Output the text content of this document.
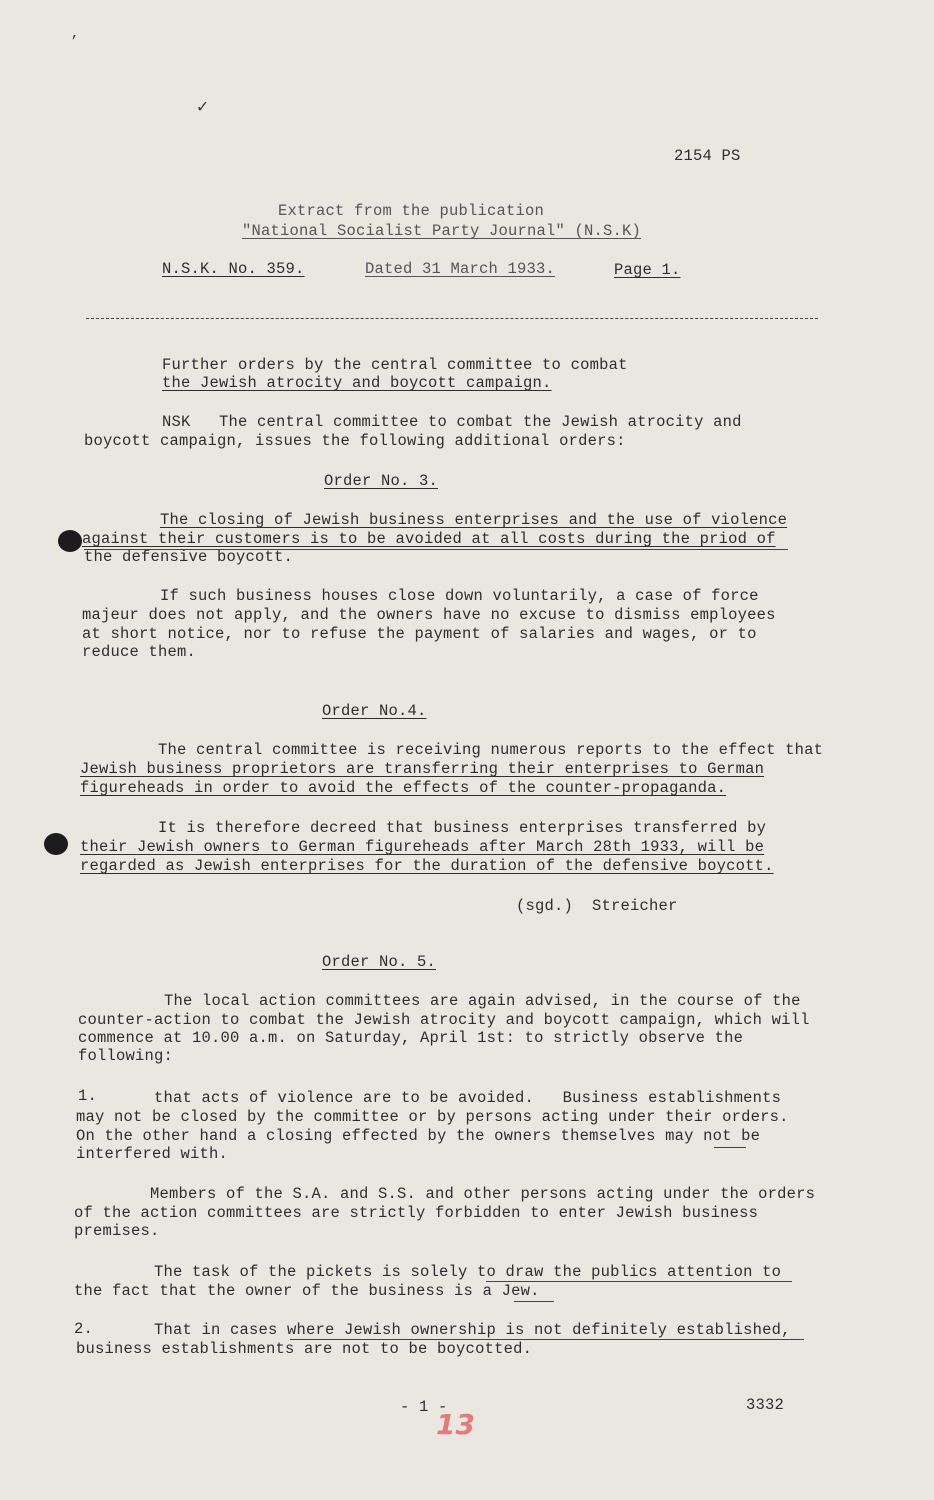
2154 PS
Extract from the publication
"National Socialist Party Journal" (N.S.K)
N.S.K. No. 359.	Dated 31 March 1933.	Page 1.
’
✓
Further orders by the central committee to combat
the Jewish atrocity and boycott campaign.
NSK   The central committee to combat the Jewish atrocity and
boycott campaign, issues the following additional orders:
Order No. 3.
The closing of Jewish business enterprises and the use of violence
against their customers is to be avoided at all costs during the priod of
the defensive boycott.
If such business houses close down voluntarily, a case of force
majeur does not apply, and the owners have no excuse to dismiss employees
at short notice, nor to refuse the payment of salaries and wages, or to
reduce them.
Order No.4.
The central committee is receiving numerous reports to the effect that
Jewish business proprietors are transferring their enterprises to German
figureheads in order to avoid the effects of the counter-propaganda.
It is therefore decreed that business enterprises transferred by
their Jewish owners to German figureheads after March 28th 1933, will be
regarded as Jewish enterprises for the duration of the defensive boycott.
(sgd.)  Streicher
Order No. 5.
The local action committees are again advised, in the course of the
counter-action to combat the Jewish atrocity and boycott campaign, which will
commence at 10.00 a.m. on Saturday, April 1st: to strictly observe the
following:
1.	that acts of violence are to be avoided.   Business establishments
may not be closed by the committee or by persons acting under their orders.
On the other hand a closing effected by the owners themselves may not be
interfered with.
Members of the S.A. and S.S. and other persons acting under the orders
of the action committees are strictly forbidden to enter Jewish business
premises.
The task of the pickets is solely to draw the publics attention to
the fact that the owner of the business is a Jew.
2.	That in cases where Jewish ownership is not definitely established,
business establishments are not to be boycotted.
- 1 -
13
3332
